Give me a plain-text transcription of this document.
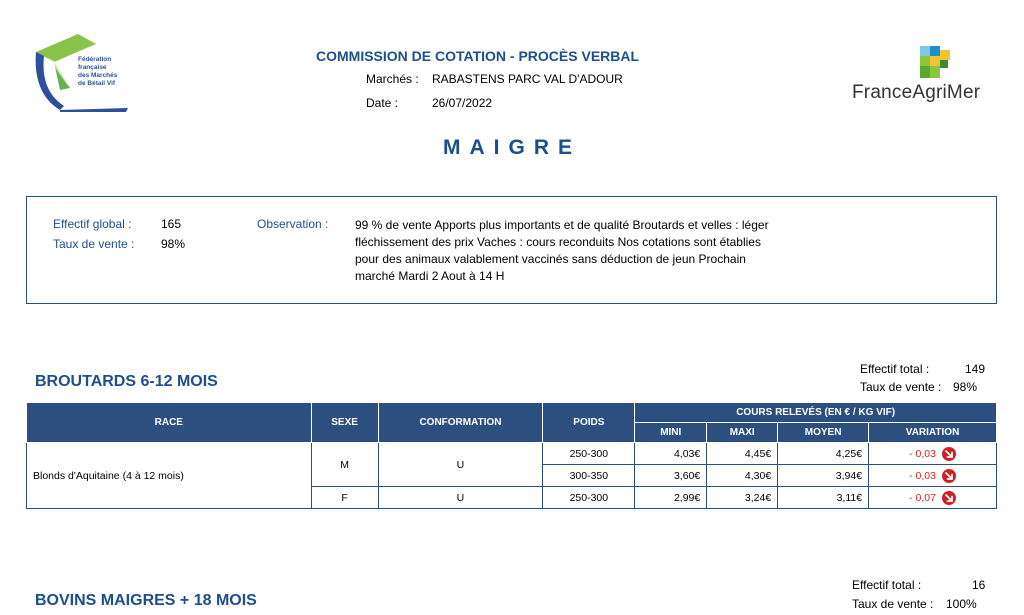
Fédération
française
des Marchés
de Bétail Vif
COMMISSION DE COTATION - PROCÈS VERBAL
Marchés : RABASTENS PARC VAL D'ADOUR
Date :	26/07/2022	FranceAgriMer
MAIGRE
Effectif global : 165
Taux de vente : 98%
Observation : 99 % de vente Apports plus importants et de qualité Broutards et velles : léger fléchissement des prix Vaches : cours reconduits Nos cotations sont établies pour des animaux valablement vaccinés sans déduction de jeun Prochain marché Mardi 2 Aout à 14 H
BROUTARDS 6-12 MOIS
Effectif total :	149
Taux de vente : 98%
RACE	SEXE	CONFORMATION	POIDS	COURS RELEVÉS (EN € / KG VIF)			
				MINI	MAXI	MOYEN	VARIATION
Blonds d'Aquitaine (4 à 12 mois)	M	U	250-300	4,03€	4,45€	4,25€	- 0,03

			300-350	3,60€	4,30€	3,94€	- 0,03

	F	U	250-300	2,99€	3,24€	3,11€	- 0,07
BOVINS MAIGRES + 18 MOIS
Effectif total :	16
Taux de vente : 100%
